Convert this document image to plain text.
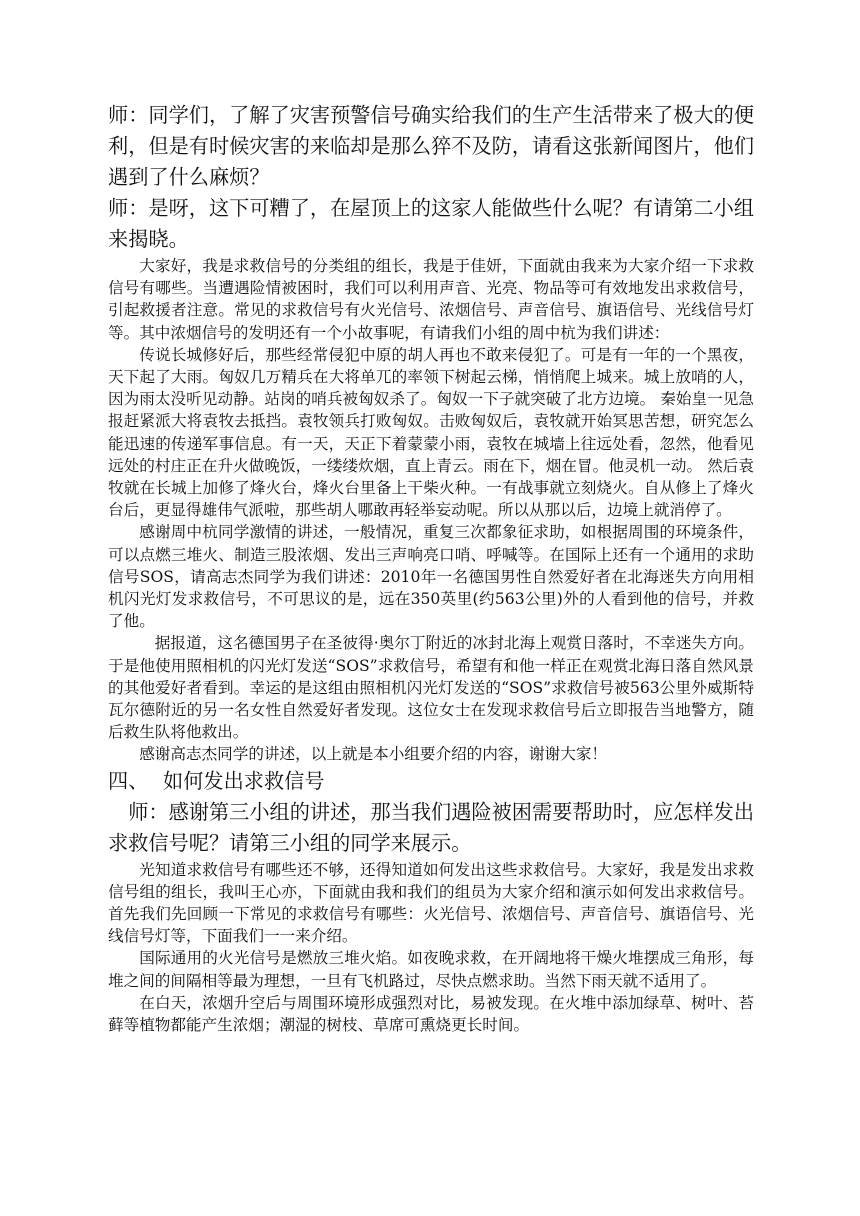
师：同学们，了解了灾害预警信号确实给我们的生产生活带来了极大的便利，但是有时候灾害的来临却是那么猝不及防，请看这张新闻图片，他们遇到了什么麻烦？

师：是呀，这下可糟了，在屋顶上的这家人能做些什么呢？有请第二小组来揭晓。

大家好，我是求救信号的分类组的组长，我是于佳妍，下面就由我来为大家介绍一下求救信号有哪些。当遭遇险情被困时，我们可以利用声音、光亮、物品等可有效地发出求救信号，引起救援者注意。常见的求救信号有火光信号、浓烟信号、声音信号、旗语信号、光线信号灯等。其中浓烟信号的发明还有一个小故事呢，有请我们小组的周中杭为我们讲述：

传说长城修好后，那些经常侵犯中原的胡人再也不敢来侵犯了。可是有一年的一个黑夜，天下起了大雨。匈奴几万精兵在大将单兀的率领下树起云梯，悄悄爬上城来。城上放哨的人，因为雨太没听见动静。站岗的哨兵被匈奴杀了。匈奴一下子就突破了北方边境。 秦始皇一见急报赶紧派大将袁牧去抵挡。袁牧领兵打败匈奴。击败匈奴后，袁牧就开始冥思苦想，研究怎么能迅速的传递军事信息。有一天，天正下着蒙蒙小雨，袁牧在城墙上往远处看，忽然，他看见远处的村庄正在升火做晚饭，一缕缕炊烟，直上青云。雨在下，烟在冒。他灵机一动。 然后袁牧就在长城上加修了烽火台，烽火台里备上干柴火种。一有战事就立刻烧火。自从修上了烽火台后，更显得雄伟气派啦，那些胡人哪敢再轻举妄动呢。所以从那以后，边境上就消停了。

感谢周中杭同学激情的讲述，一般情况，重复三次都象征求助，如根据周围的环境条件，可以点燃三堆火、制造三股浓烟、发出三声响亮口哨、呼喊等。在国际上还有一个通用的求助信号SOS，请高志杰同学为我们讲述：2010年一名德国男性自然爱好者在北海迷失方向用相机闪光灯发求救信号，不可思议的是，远在350英里(约563公里)外的人看到他的信号，并救了他。

据报道，这名德国男子在圣彼得·奥尔丁附近的冰封北海上观赏日落时，不幸迷失方向。于是他使用照相机的闪光灯发送“SOS”求救信号，希望有和他一样正在观赏北海日落自然风景的其他爱好者看到。幸运的是这组由照相机闪光灯发送的“SOS”求救信号被563公里外威斯特瓦尔德附近的另一名女性自然爱好者发现。这位女士在发现求救信号后立即报告当地警方，随后救生队将他救出。

感谢高志杰同学的讲述，以上就是本小组要介绍的内容，谢谢大家！

四、 如何发出求救信号

师：感谢第三小组的讲述，那当我们遇险被困需要帮助时，应怎样发出求救信号呢？请第三小组的同学来展示。

光知道求救信号有哪些还不够，还得知道如何发出这些求救信号。大家好，我是发出求救信号组的组长，我叫王心亦，下面就由我和我们的组员为大家介绍和演示如何发出求救信号。首先我们先回顾一下常见的求救信号有哪些：火光信号、浓烟信号、声音信号、旗语信号、光线信号灯等，下面我们一一来介绍。

国际通用的火光信号是燃放三堆火焰。如夜晚求救，在开阔地将干燥火堆摆成三角形，每堆之间的间隔相等最为理想，一旦有飞机路过，尽快点燃求助。当然下雨天就不适用了。

在白天，浓烟升空后与周围环境形成强烈对比，易被发现。在火堆中添加绿草、树叶、苔藓等植物都能产生浓烟；潮湿的树枝、草席可熏烧更长时间。
